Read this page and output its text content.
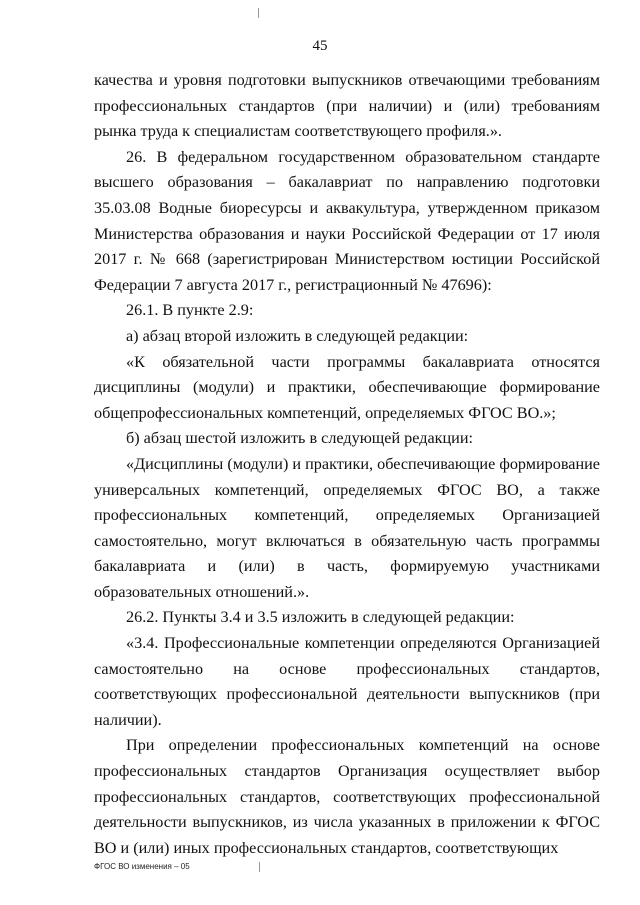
45

качества и уровня подготовки выпускников отвечающими требованиям профессиональных стандартов (при наличии) и (или) требованиям рынка труда к специалистам соответствующего профиля.».

26. В федеральном государственном образовательном стандарте высшего образования – бакалавриат по направлению подготовки 35.03.08 Водные биоресурсы и аквакультура, утвержденном приказом Министерства образования и науки Российской Федерации от 17 июля 2017 г. № 668 (зарегистрирован Министерством юстиции Российской Федерации 7 августа 2017 г., регистрационный № 47696):

26.1. В пункте 2.9:

а) абзац второй изложить в следующей редакции:

«К обязательной части программы бакалавриата относятся дисциплины (модули) и практики, обеспечивающие формирование общепрофессиональных компетенций, определяемых ФГОС ВО.»;

б) абзац шестой изложить в следующей редакции:

«Дисциплины (модули) и практики, обеспечивающие формирование универсальных компетенций, определяемых ФГОС ВО, а также профессиональных компетенций, определяемых Организацией самостоятельно, могут включаться в обязательную часть программы бакалавриата и (или) в часть, формируемую участниками образовательных отношений.».

26.2. Пункты 3.4 и 3.5 изложить в следующей редакции:

«3.4. Профессиональные компетенции определяются Организацией самостоятельно на основе профессиональных стандартов, соответствующих профессиональной деятельности выпускников (при наличии).

При определении профессиональных компетенций на основе профессиональных стандартов Организация осуществляет выбор профессиональных стандартов, соответствующих профессиональной деятельности выпускников, из числа указанных в приложении к ФГОС ВО и (или) иных профессиональных стандартов, соответствующих

ФГОС ВО изменения – 05
